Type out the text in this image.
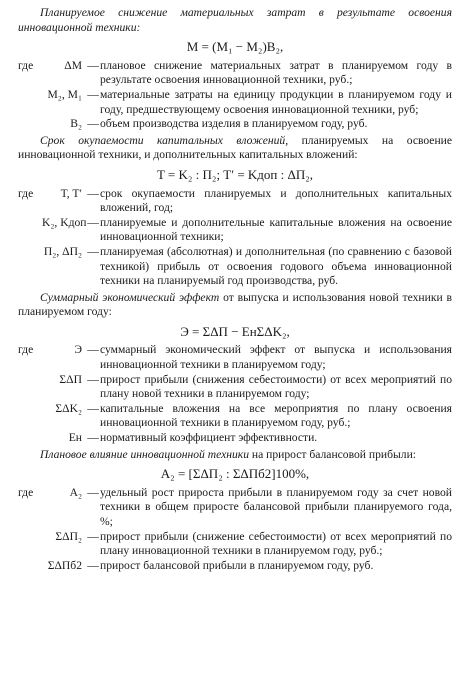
Планируемое снижение материальных затрат в результате освоения инновационной техники:

M = (M₁ − M₂)B₂,
где	ΔM — плановое снижение материальных затрат в планируемом году в результате освоения инновационной техники, руб.;
M₂, M₁ — материальные затраты на единицу продукции в планируемом году и году, предшествующему освоения инновационной техники, руб;
B₂ — объем производства изделия в планируемом году, руб.

Срок окупаемости капитальных вложений, планируемых на освоение инновационной техники, и дополнительных капитальных вложений:

T = K₂ : П₂; T′ = Kдоп : ΔП₂,
где	T, T′ — срок окупаемости планируемых и дополнительных капитальных вложений, год;
K₂, Kдоп — планируемые и дополнительные капитальные вложения на освоение инновационной техники;
П₂, ΔП₂ — планируемая (абсолютная) и дополнительная (по сравнению с базовой техникой) прибыль от освоения годового объема инновационной техники на планируемый год производства, руб.

Суммарный экономический эффект от выпуска и использования новой техники в планируемом году:

Э = ΣΔП − EнΣΔK₂,
где	Э — суммарный экономический эффект от выпуска и использования инновационной техники в планируемом году;
ΣΔП — прирост прибыли (снижения себестоимости) от всех мероприятий по плану новой техники в планируемом году;
ΣΔK₂ — капитальные вложения на все мероприятия по плану освоения инновационной техники в планируемом году, руб.;
Eн — нормативный коэффициент эффективности.

Плановое влияние инновационной техники на прирост балансовой прибыли:

A₂ = [ΣΔП₂ : ΣΔПб2]100%,
где	A₂ — удельный рост прироста прибыли в планируемом году за счет новой техники в общем приросте балансовой прибыли планируемого года, %;
ΣΔП₂ — прирост прибыли (снижение себестоимости) от всех мероприятий по плану инновационной техники в планируемом году, руб.;
ΣΔПб2 — прирост балансовой прибыли в планируемом году, руб.
